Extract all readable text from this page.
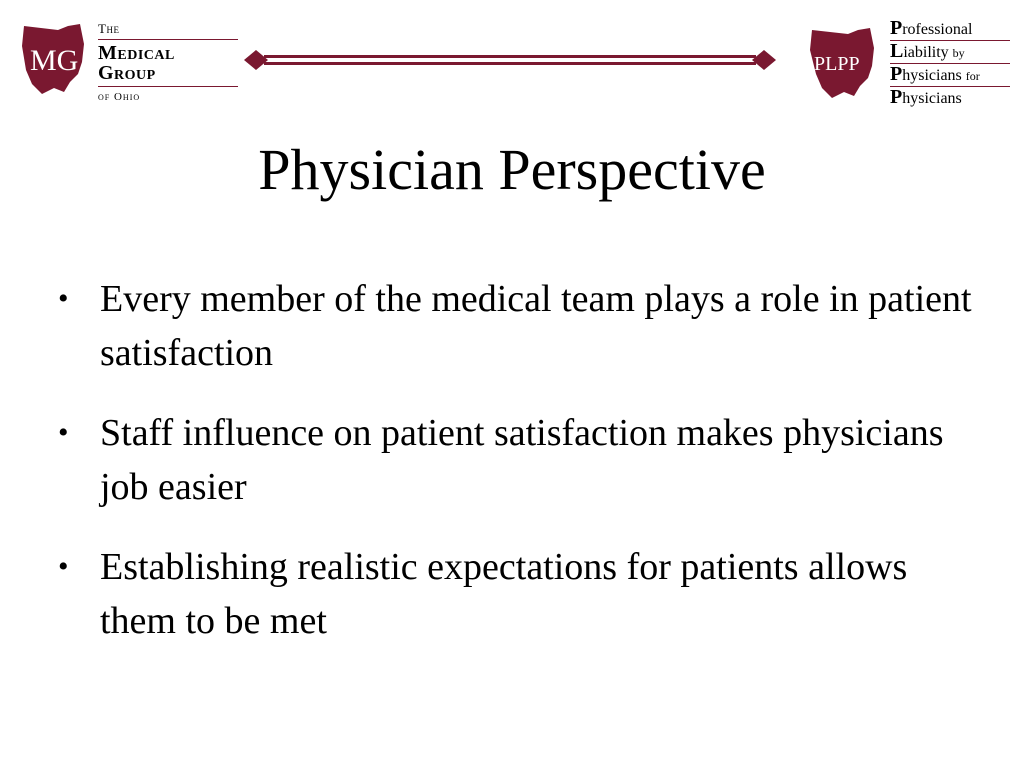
MG
The
Medical
Group
of Ohio
PLPP
Professional
Liability by
Physicians for
Physicians
Physician Perspective
• Every member of the medical team plays a role in patient satisfaction
• Staff influence on patient satisfaction makes physicians job easier
• Establishing realistic expectations for patients allows them to be met
